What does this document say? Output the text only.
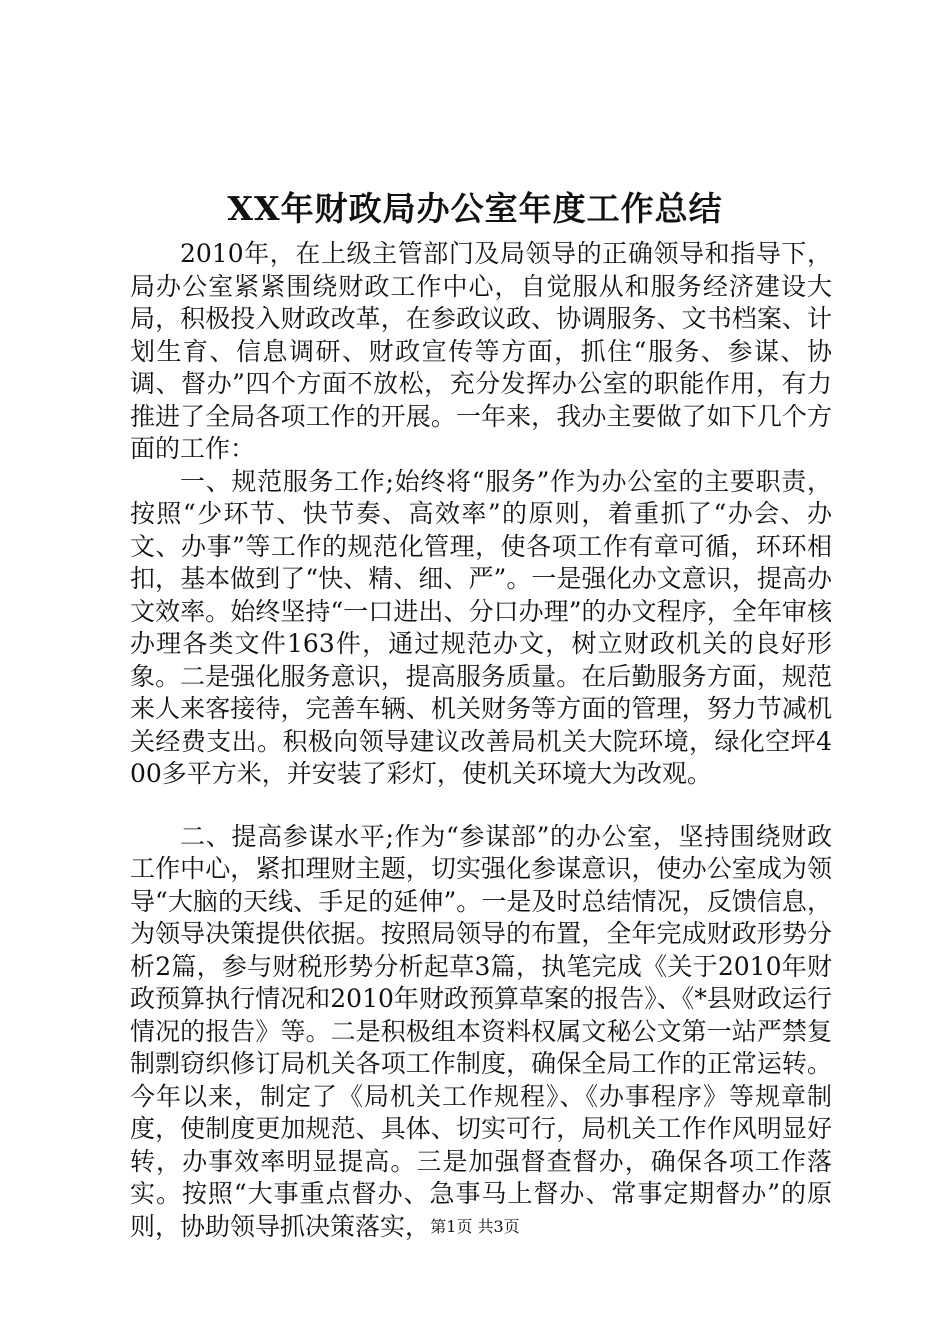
XX年财政局办公室年度工作总结

2010年，在上级主管部门及局领导的正确领导和指导下，局办公室紧紧围绕财政工作中心，自觉服从和服务经济建设大局，积极投入财政改革，在参政议政、协调服务、文书档案、计划生育、信息调研、财政宣传等方面，抓住“服务、参谋、协调、督办”四个方面不放松，充分发挥办公室的职能作用，有力推进了全局各项工作的开展。一年来，我办主要做了如下几个方面的工作：

一、规范服务工作;始终将“服务”作为办公室的主要职责，按照“少环节、快节奏、高效率”的原则，着重抓了“办会、办文、办事”等工作的规范化管理，使各项工作有章可循，环环相扣，基本做到了“快、精、细、严”。一是强化办文意识，提高办文效率。始终坚持“一口进出、分口办理”的办文程序，全年审核办理各类文件163件，通过规范办文，树立财政机关的良好形象。二是强化服务意识，提高服务质量。在后勤服务方面，规范来人来客接待，完善车辆、机关财务等方面的管理，努力节减机关经费支出。积极向领导建议改善局机关大院环境，绿化空坪400多平方米，并安装了彩灯，使机关环境大为改观。

二、提高参谋水平;作为“参谋部”的办公室，坚持围绕财政工作中心，紧扣理财主题，切实强化参谋意识，使办公室成为领导“大脑的天线、手足的延伸”。一是及时总结情况，反馈信息，为领导决策提供依据。按照局领导的布置，全年完成财政形势分析2篇，参与财税形势分析起草3篇，执笔完成《关于2010年财政预算执行情况和2010年财政预算草案的报告》、《*县财政运行情况的报告》等。二是积极组本资料权属文秘公文第一站严禁复制剽窃织修订局机关各项工作制度，确保全局工作的正常运转。今年以来，制定了《局机关工作规程》、《办事程序》等规章制度，使制度更加规范、具体、切实可行，局机关工作作风明显好转，办事效率明显提高。三是加强督查督办，确保各项工作落实。按照“大事重点督办、急事马上督办、常事定期督办”的原则，协助领导抓决策落实， 第1页 共3页
